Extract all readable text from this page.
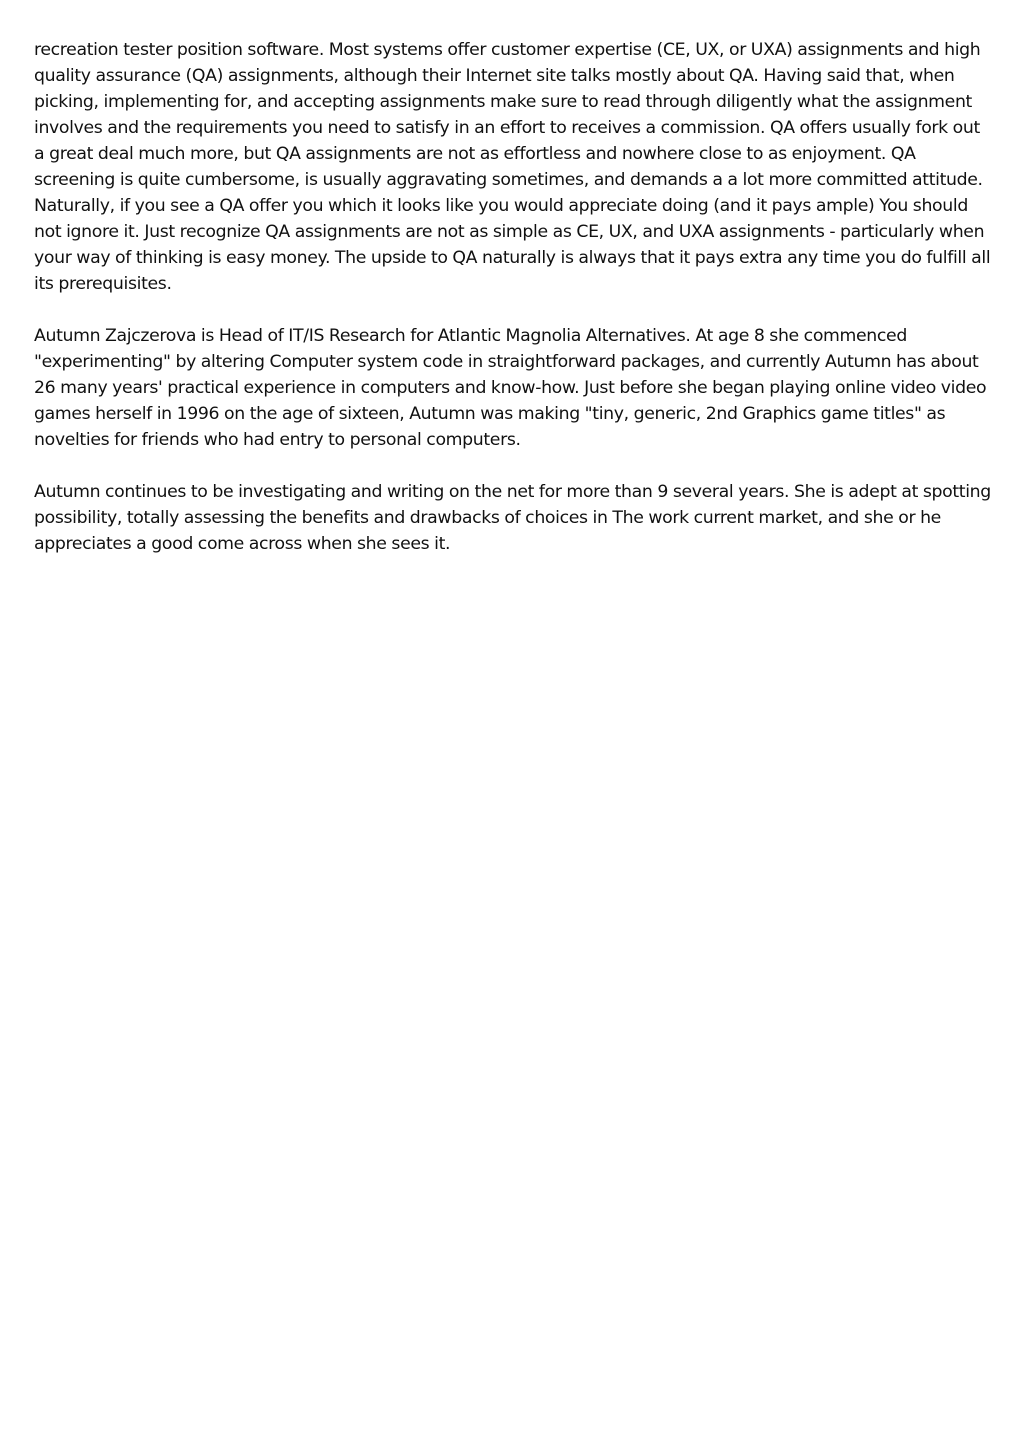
recreation tester position software. Most systems offer customer expertise (CE, UX, or UXA) assignments and high quality assurance (QA) assignments, although their Internet site talks mostly about QA. Having said that, when picking, implementing for, and accepting assignments make sure to read through diligently what the assignment involves and the requirements you need to satisfy in an effort to receives a commission. QA offers usually fork out a great deal much more, but QA assignments are not as effortless and nowhere close to as enjoyment. QA screening is quite cumbersome, is usually aggravating sometimes, and demands a a lot more committed attitude. Naturally, if you see a QA offer you which it looks like you would appreciate doing (and it pays ample) You should not ignore it. Just recognize QA assignments are not as simple as CE, UX, and UXA assignments - particularly when your way of thinking is easy money. The upside to QA naturally is always that it pays extra any time you do fulfill all its prerequisites.

Autumn Zajczerova is Head of IT/IS Research for Atlantic Magnolia Alternatives. At age 8 she commenced "experimenting" by altering Computer system code in straightforward packages, and currently Autumn has about 26 many years' practical experience in computers and know-how. Just before she began playing online video video games herself in 1996 on the age of sixteen, Autumn was making "tiny, generic, 2nd Graphics game titles" as novelties for friends who had entry to personal computers.

Autumn continues to be investigating and writing on the net for more than 9 several years. She is adept at spotting possibility, totally assessing the benefits and drawbacks of choices in The work current market, and she or he appreciates a good come across when she sees it.
